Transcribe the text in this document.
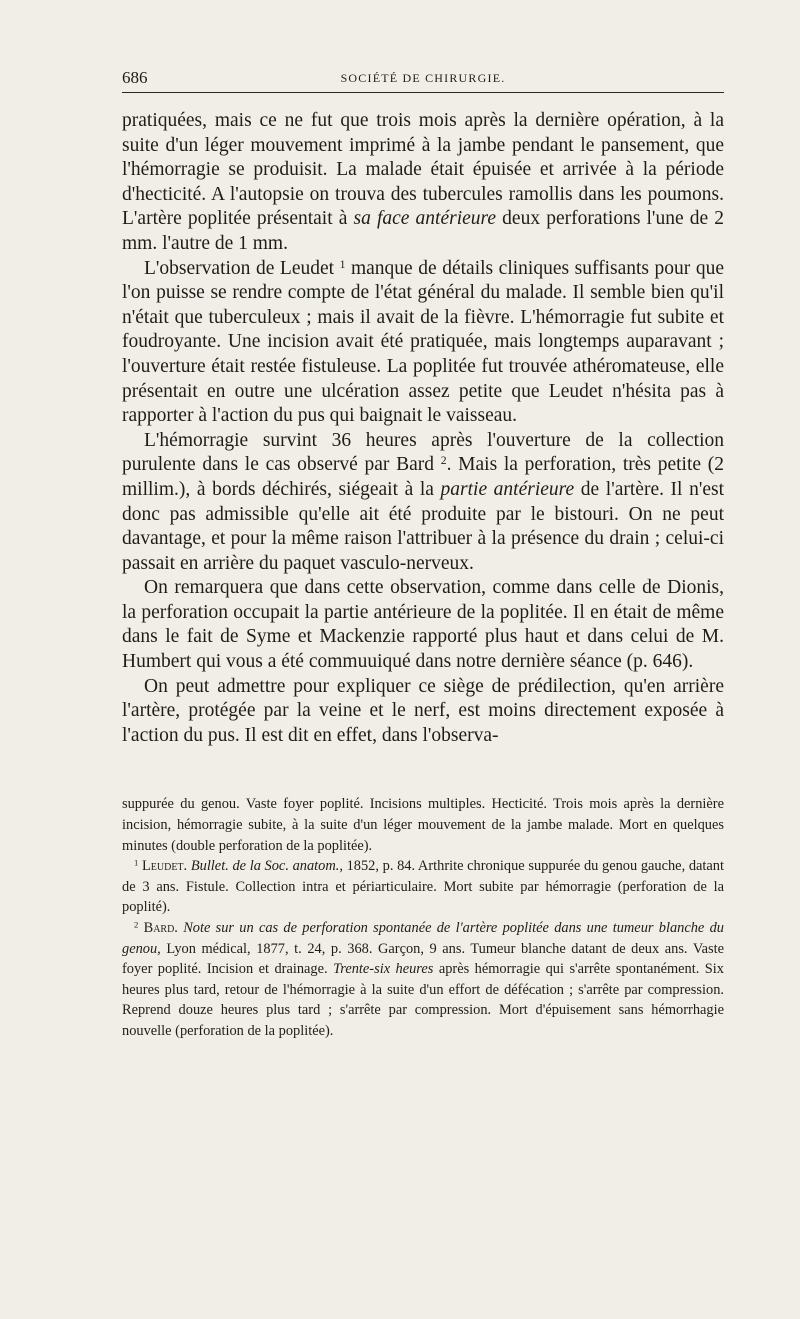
686	SOCIÉTÉ DE CHIRURGIE.

pratiquées, mais ce ne fut que trois mois après la dernière opération, à la suite d'un léger mouvement imprimé à la jambe pendant le pansement, que l'hémorragie se produisit. La malade était épuisée et arrivée à la période d'hecticité. A l'autopsie on trouva des tubercules ramollis dans les poumons. L'artère poplitée présentait à sa face antérieure deux perforations l'une de 2 mm. l'autre de 1 mm.

L'observation de Leudet $^1$ manque de détails cliniques suffisants pour que l'on puisse se rendre compte de l'état général du malade. Il semble bien qu'il n'était que tuberculeux ; mais il avait de la fièvre. L'hémorragie fut subite et foudroyante. Une incision avait été pratiquée, mais longtemps auparavant ; l'ouverture était restée fistuleuse. La poplitée fut trouvée athéromateuse, elle présentait en outre une ulcération assez petite que Leudet n'hésita pas à rapporter à l'action du pus qui baignait le vaisseau.

L'hémorragie survint 36 heures après l'ouverture de la collection purulente dans le cas observé par Bard $^2$. Mais la perforation, très petite (2 millim.), à bords déchirés, siégeait à la partie antérieure de l'artère. Il n'est donc pas admissible qu'elle ait été produite par le bistouri. On ne peut davantage, et pour la même raison l'attribuer à la présence du drain ; celui-ci passait en arrière du paquet vasculo-nerveux.

On remarquera que dans cette observation, comme dans celle de Dionis, la perforation occupait la partie antérieure de la poplitée. Il en était de même dans le fait de Syme et Mackenzie rapporté plus haut et dans celui de M. Humbert qui vous a été commuuiqué dans notre dernière séance (p. 646).

On peut admettre pour expliquer ce siège de prédilection, qu'en arrière l'artère, protégée par la veine et le nerf, est moins directement exposée à l'action du pus. Il est dit en effet, dans l'observa-

suppurée du genou. Vaste foyer poplité. Incisions multiples. Hecticité. Trois mois après la dernière incision, hémorragie subite, à la suite d'un léger mouvement de la jambe malade. Mort en quelques minutes (double perforation de la poplitée).

$^1$ Leudet. Bullet. de la Soc. anatom., 1852, p. 84. Arthrite chronique suppurée du genou gauche, datant de 3 ans. Fistule. Collection intra et périarticulaire. Mort subite par hémorragie (perforation de la poplité).

$^2$ Bard. Note sur un cas de perforation spontanée de l'artère poplitée dans une tumeur blanche du genou, Lyon médical, 1877, t. 24, p. 368. Garçon, 9 ans. Tumeur blanche datant de deux ans. Vaste foyer poplité. Incision et drainage. Trente-six heures après hémorragie qui s'arrête spontanément. Six heures plus tard, retour de l'hémorragie à la suite d'un effort de défécation ; s'arrête par compression. Reprend douze heures plus tard ; s'arrête par compression. Mort d'épuisement sans hémorrhagie nouvelle (perforation de la poplitée).
